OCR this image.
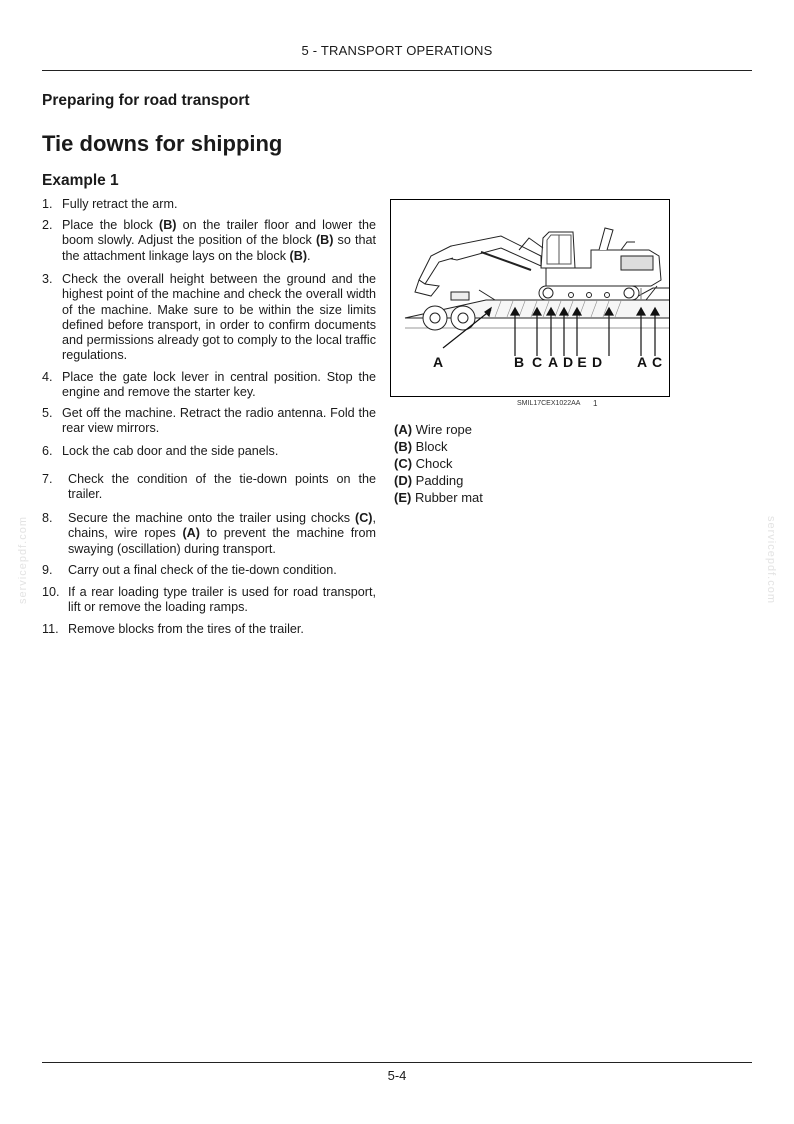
5 - TRANSPORT OPERATIONS
Preparing for road transport
Tie downs for shipping
Example 1
1. Fully retract the arm.
2. Place the block (B) on the trailer floor and lower the boom slowly. Adjust the position of the block (B) so that the attachment linkage lays on the block (B).
3. Check the overall height between the ground and the highest point of the machine and check the overall width of the machine. Make sure to be within the size limits defined before transport, in order to confirm documents and permissions already got to comply to the local traffic regulations.
4. Place the gate lock lever in central position. Stop the engine and remove the starter key.
5. Get off the machine. Retract the radio antenna. Fold the rear view mirrors.
6. Lock the cab door and the side panels.
7. Check the condition of the tie-down points on the trailer.
8. Secure the machine onto the trailer using chocks (C), chains, wire ropes (A) to prevent the machine from swaying (oscillation) during transport.
9. Carry out a final check of the tie-down condition.
10. If a rear loading type trailer is used for road transport, lift or remove the loading ramps.
11. Remove blocks from the tires of the trailer.
A	B C A D E D A C
SMIL17CEX1022AA 1
(A) Wire rope
(B) Block
(C) Chock
(D) Padding
(E) Rubber mat
servicepdf.com	servicepdf.com
5-4
